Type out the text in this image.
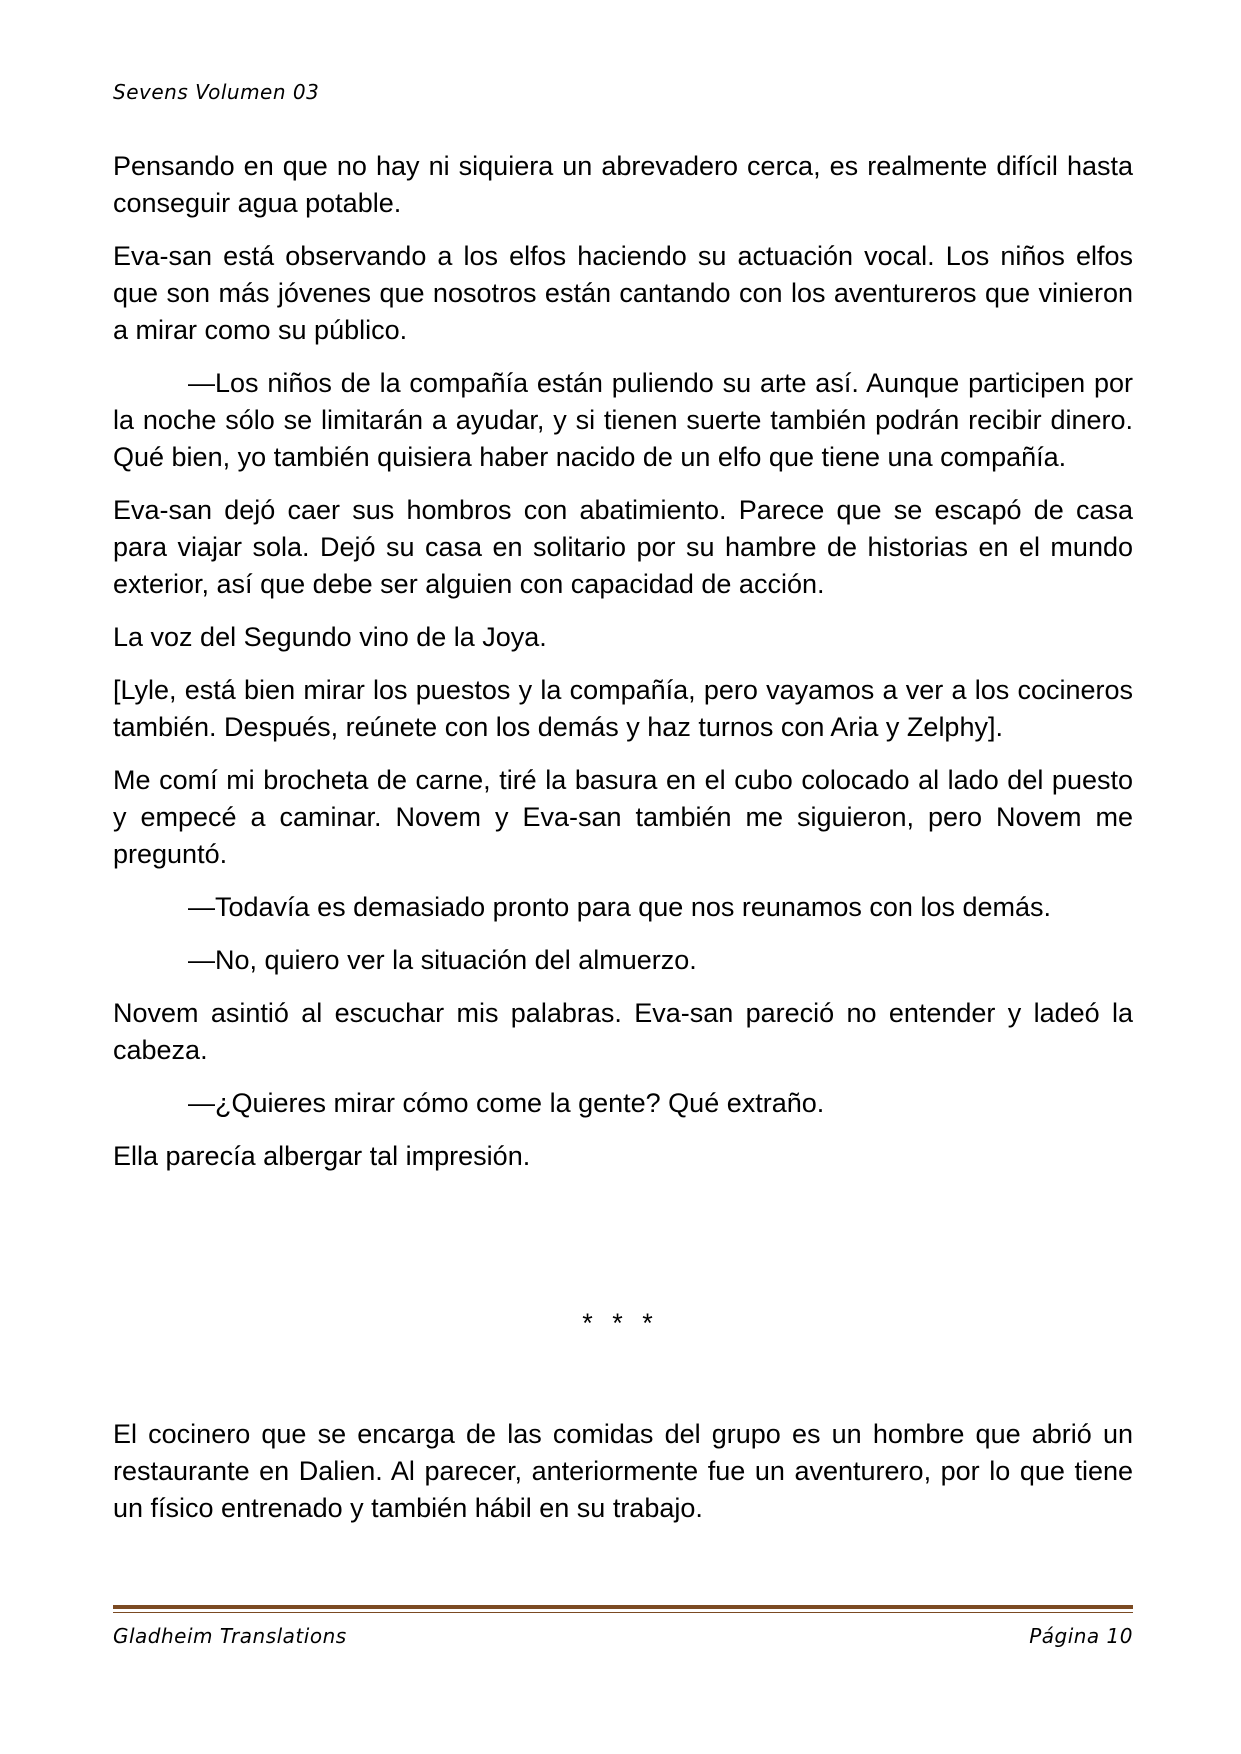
Sevens Volumen 03

Pensando en que no hay ni siquiera un abrevadero cerca, es realmente difícil hasta conseguir agua potable.

Eva-san está observando a los elfos haciendo su actuación vocal. Los niños elfos que son más jóvenes que nosotros están cantando con los aventureros que vinieron a mirar como su público.

—Los niños de la compañía están puliendo su arte así. Aunque participen por la noche sólo se limitarán a ayudar, y si tienen suerte también podrán recibir dinero. Qué bien, yo también quisiera haber nacido de un elfo que tiene una compañía.

Eva-san dejó caer sus hombros con abatimiento. Parece que se escapó de casa para viajar sola. Dejó su casa en solitario por su hambre de historias en el mundo exterior, así que debe ser alguien con capacidad de acción.

La voz del Segundo vino de la Joya.

[Lyle, está bien mirar los puestos y la compañía, pero vayamos a ver a los cocineros también. Después, reúnete con los demás y haz turnos con Aria y Zelphy].

Me comí mi brocheta de carne, tiré la basura en el cubo colocado al lado del puesto y empecé a caminar. Novem y Eva-san también me siguieron, pero Novem me preguntó.

—Todavía es demasiado pronto para que nos reunamos con los demás.

—No, quiero ver la situación del almuerzo.

Novem asintió al escuchar mis palabras. Eva-san pareció no entender y ladeó la cabeza.

—¿Quieres mirar cómo come la gente? Qué extraño.

Ella parecía albergar tal impresión.

* * *

El cocinero que se encarga de las comidas del grupo es un hombre que abrió un restaurante en Dalien. Al parecer, anteriormente fue un aventurero, por lo que tiene un físico entrenado y también hábil en su trabajo.

Gladheim Translations	Página 10
